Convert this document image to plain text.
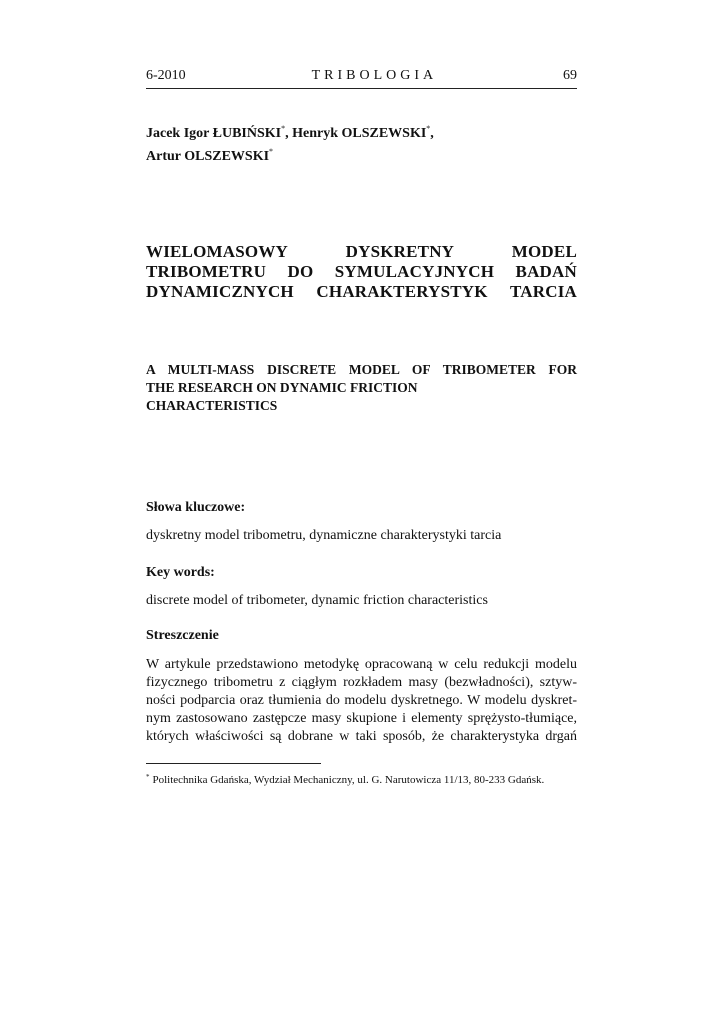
6-2010	TRIBOLOGIA	69
Jacek Igor ŁUBIŃSKI*, Henryk OLSZEWSKI*,
Artur OLSZEWSKI*
WIELOMASOWY DYSKRETNY MODEL
TRIBOMETRU DO SYMULACYJNYCH BADAŃ
DYNAMICZNYCH CHARAKTERYSTYK TARCIA
A MULTI-MASS DISCRETE MODEL OF TRIBOMETER FOR
THE RESEARCH ON DYNAMIC FRICTION
CHARACTERISTICS
Słowa kluczowe:
dyskretny model tribometru, dynamiczne charakterystyki tarcia
Key words:
discrete model of tribometer, dynamic friction characteristics
Streszczenie
W artykule przedstawiono metodykę opracowaną w celu redukcji modelu
fizycznego tribometru z ciągłym rozkładem masy (bezwładności), sztyw-
ności podparcia oraz tłumienia do modelu dyskretnego. W modelu dyskret-
nym zastosowano zastępcze masy skupione i elementy sprężysto-tłumiące,
których właściwości są dobrane w taki sposób, że charakterystyka drgań
* Politechnika Gdańska, Wydział Mechaniczny, ul. G. Narutowicza 11/13, 80-233 Gdańsk.
